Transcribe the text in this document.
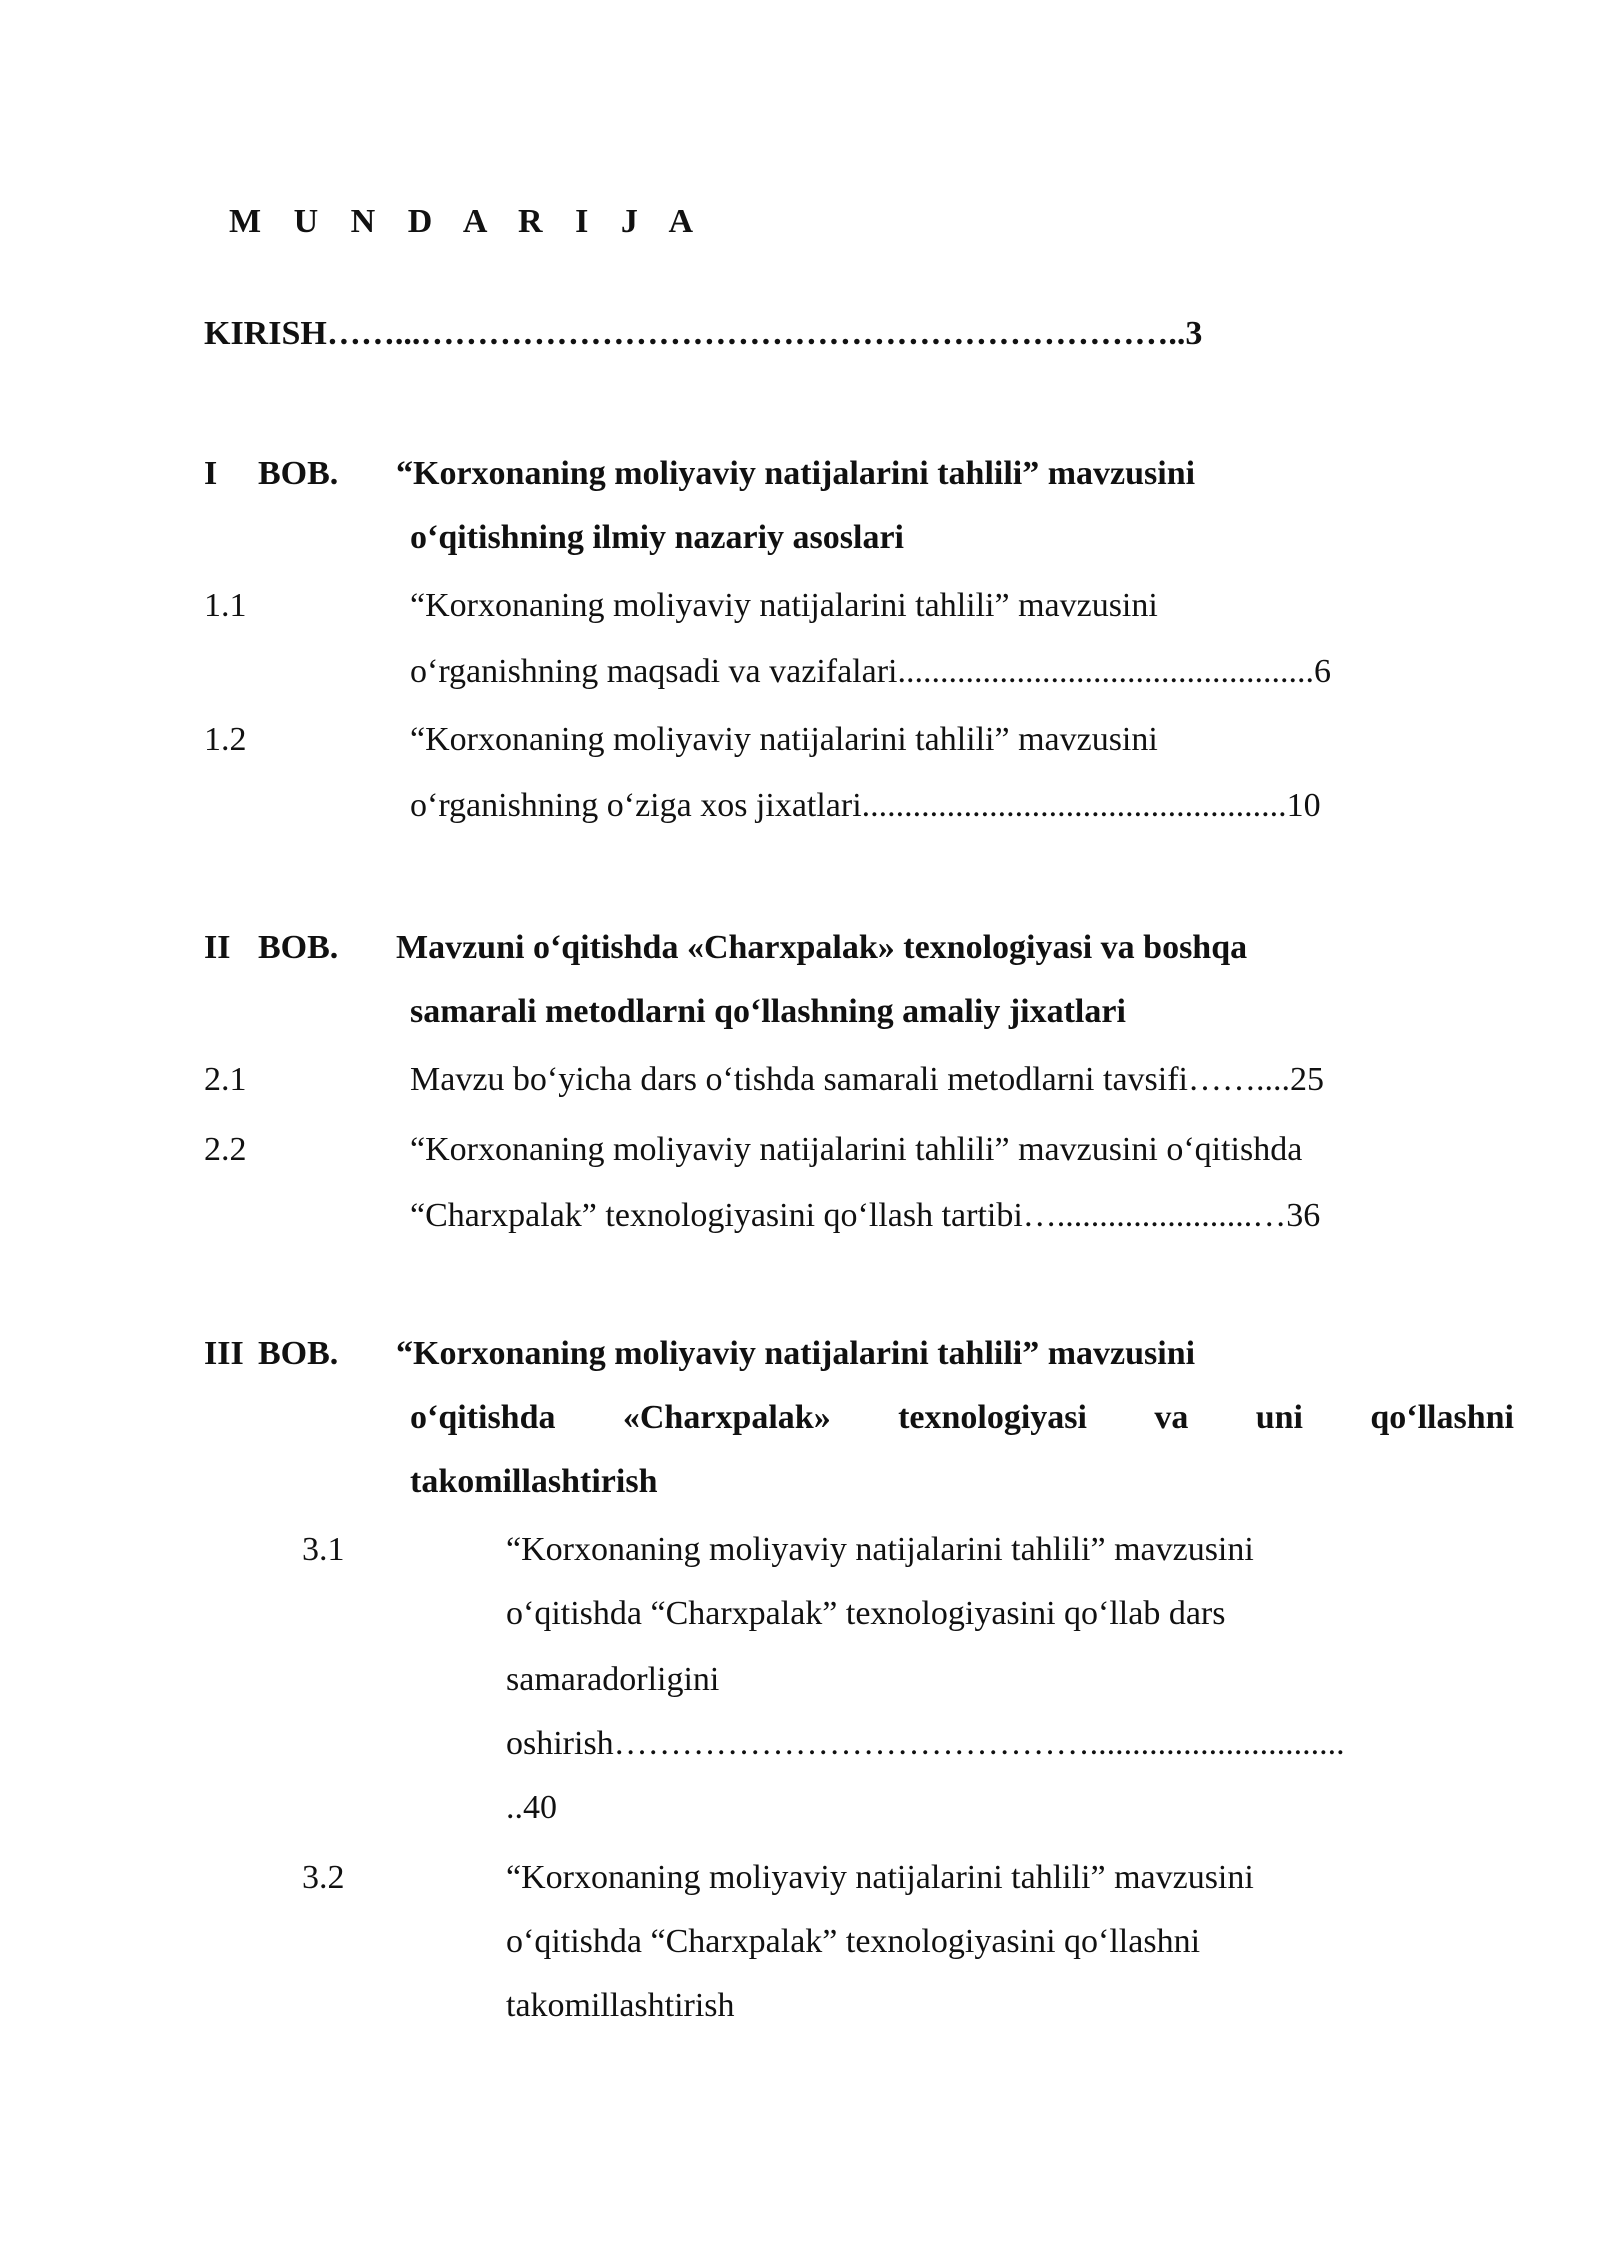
M U N D A R I J A
KIRISH……...…………………………………………………………..3
I BOB. “Korxonaning moliyaviy natijalarini tahlili” mavzusini
o‘qitishning ilmiy nazariy asoslari
1.1	“Korxonaning moliyaviy natijalarini tahlili” mavzusini
o‘rganishning maqsadi va vazifalari.................................................6
1.2	“Korxonaning moliyaviy natijalarini tahlili” mavzusini
o‘rganishning o‘ziga xos jixatlari..................................................10
II BOB. Mavzuni o‘qitishda «Charxpalak» texnologiyasi va boshqa
samarali metodlarni qo‘llashning amaliy jixatlari
2.1	Mavzu bo‘yicha dars o‘tishda samarali metodlarni tavsifi……....25
2.2	“Korxonaning moliyaviy natijalarini tahlili” mavzusini o‘qitishda
“Charxpalak” texnologiyasini qo‘llash tartibi….......................…36
III BOB. “Korxonaning moliyaviy natijalarini tahlili” mavzusini
o‘qitishda «Charxpalak» texnologiyasi va uni qo‘llashni
takomillashtirish
3.1	“Korxonaning moliyaviy natijalarini tahlili” mavzusini
o‘qitishda “Charxpalak” texnologiyasini qo‘llab dars
samaradorligini
oshirish……………………………………..............................
..40
3.2	“Korxonaning moliyaviy natijalarini tahlili” mavzusini
o‘qitishda “Charxpalak” texnologiyasini qo‘llashni
takomillashtirish
